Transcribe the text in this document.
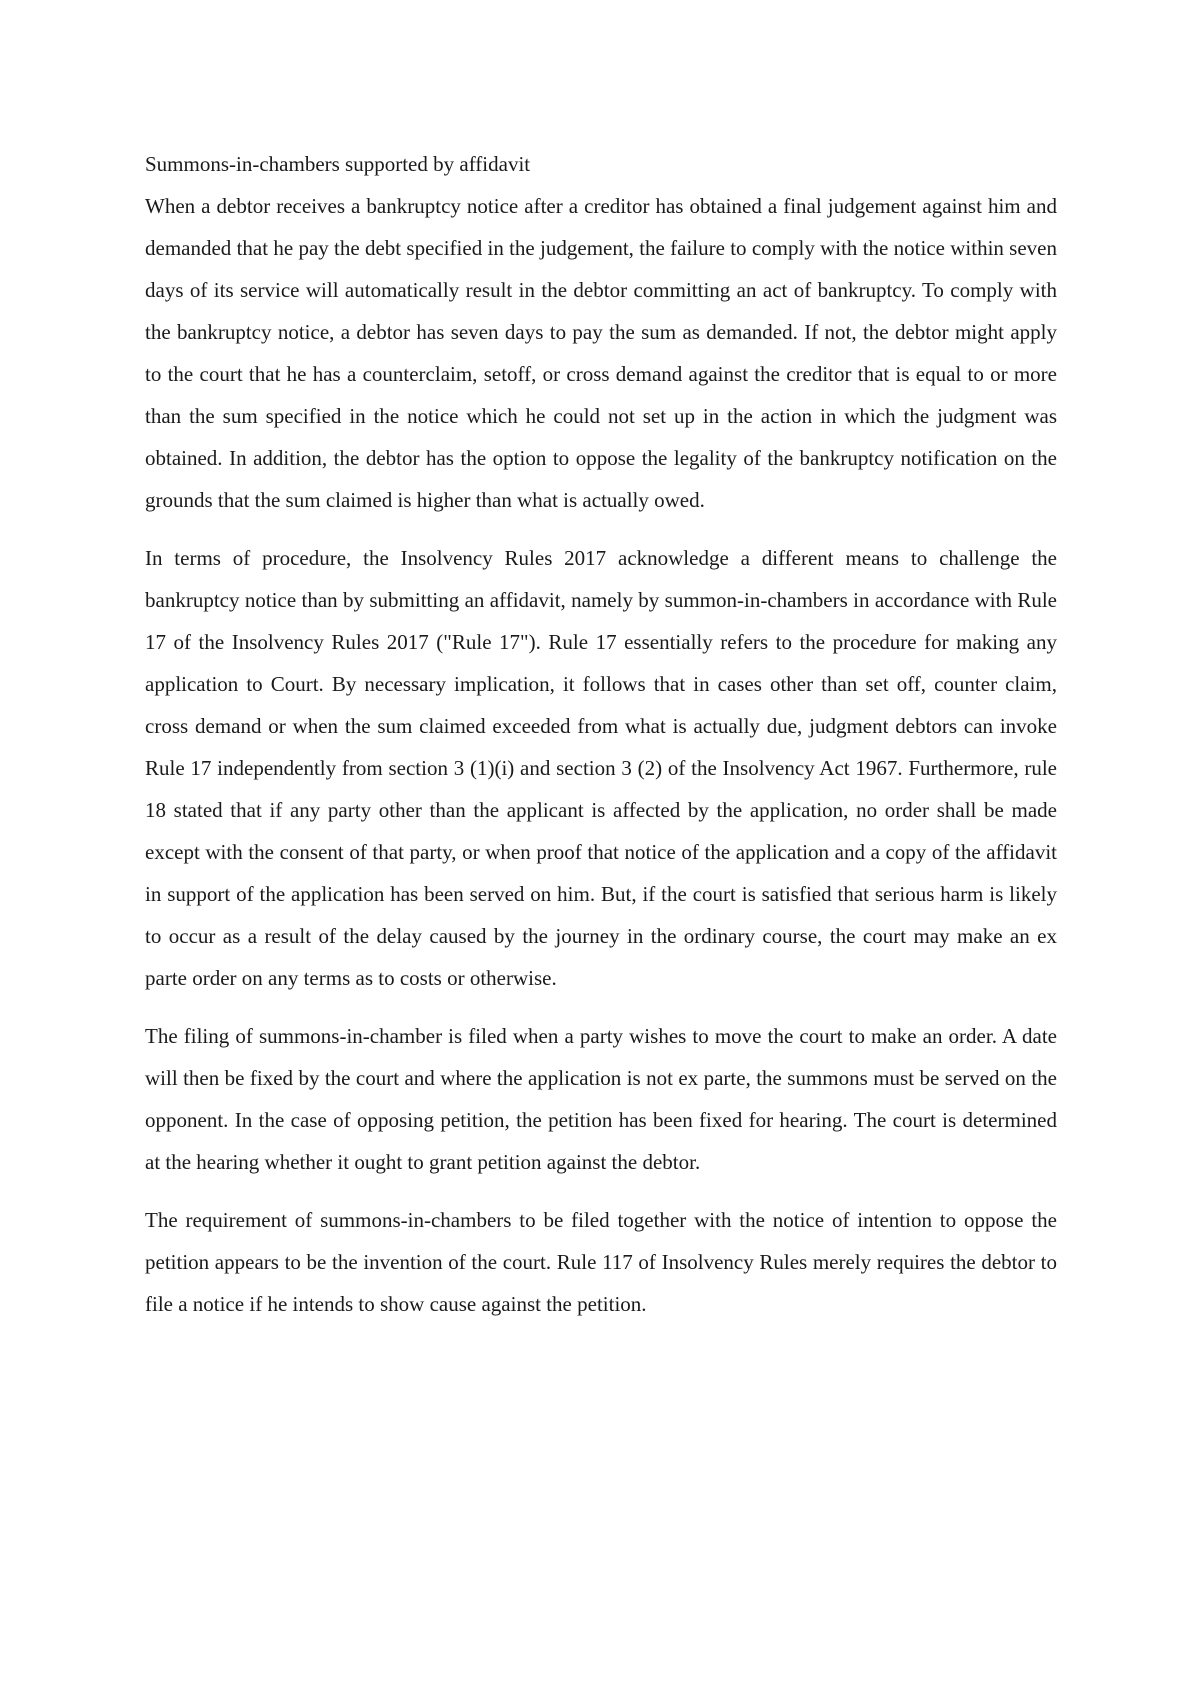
Summons-in-chambers supported by affidavit

When a debtor receives a bankruptcy notice after a creditor has obtained a final judgement against him and demanded that he pay the debt specified in the judgement, the failure to comply with the notice within seven days of its service will automatically result in the debtor committing an act of bankruptcy. To comply with the bankruptcy notice, a debtor has seven days to pay the sum as demanded. If not, the debtor might apply to the court that he has a counterclaim, setoff, or cross demand against the creditor that is equal to or more than the sum specified in the notice which he could not set up in the action in which the judgment was obtained. In addition, the debtor has the option to oppose the legality of the bankruptcy notification on the grounds that the sum claimed is higher than what is actually owed.

In terms of procedure, the Insolvency Rules 2017 acknowledge a different means to challenge the bankruptcy notice than by submitting an affidavit, namely by summon-in-chambers in accordance with Rule 17 of the Insolvency Rules 2017 ("Rule 17"). Rule 17 essentially refers to the procedure for making any application to Court. By necessary implication, it follows that in cases other than set off, counter claim, cross demand or when the sum claimed exceeded from what is actually due, judgment debtors can invoke Rule 17 independently from section 3 (1)(i) and section 3 (2) of the Insolvency Act 1967. Furthermore, rule 18 stated that if any party other than the applicant is affected by the application, no order shall be made except with the consent of that party, or when proof that notice of the application and a copy of the affidavit in support of the application has been served on him. But, if the court is satisfied that serious harm is likely to occur as a result of the delay caused by the journey in the ordinary course, the court may make an ex parte order on any terms as to costs or otherwise.

The filing of summons-in-chamber is filed when a party wishes to move the court to make an order. A date will then be fixed by the court and where the application is not ex parte, the summons must be served on the opponent. In the case of opposing petition, the petition has been fixed for hearing. The court is determined at the hearing whether it ought to grant petition against the debtor.

The requirement of summons-in-chambers to be filed together with the notice of intention to oppose the petition appears to be the invention of the court. Rule 117 of Insolvency Rules merely requires the debtor to file a notice if he intends to show cause against the petition.
